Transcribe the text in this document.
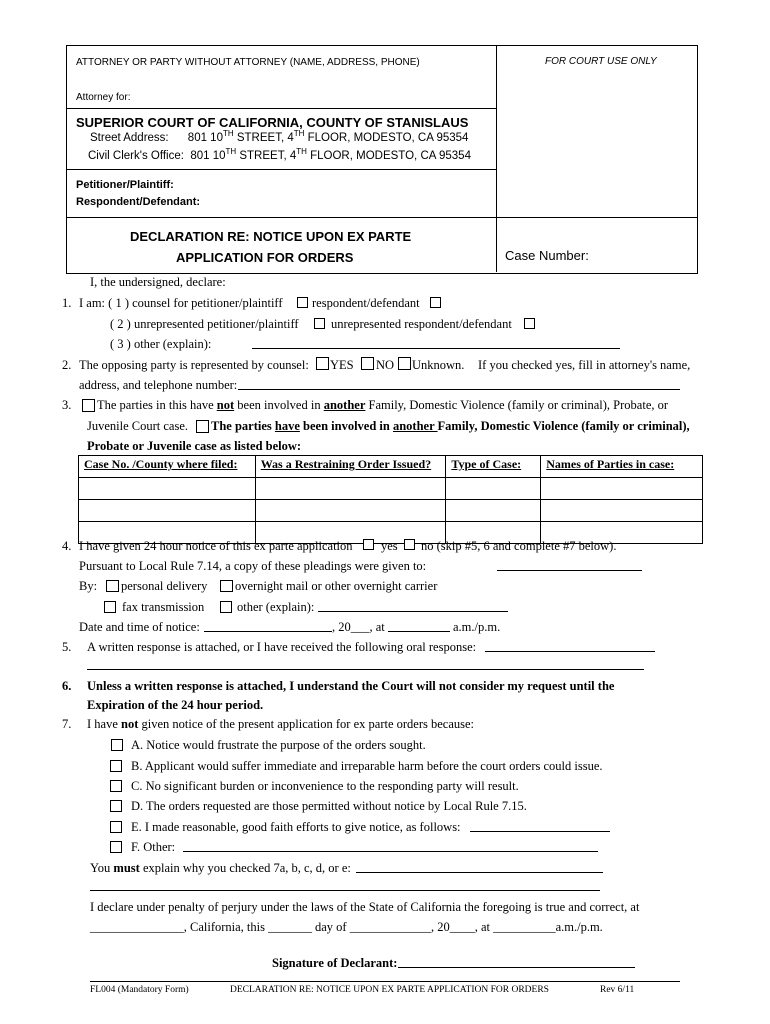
ATTORNEY OR PARTY WITHOUT ATTORNEY (NAME, ADDRESS, PHONE)	FOR COURT USE ONLY
Attorney for:
SUPERIOR COURT OF CALIFORNIA, COUNTY OF STANISLAUS
Street Address: 801 10TH STREET, 4TH FLOOR, MODESTO, CA 95354
Civil Clerk's Office: 801 10TH STREET, 4TH FLOOR, MODESTO, CA 95354
Petitioner/Plaintiff:
Respondent/Defendant:
DECLARATION RE: NOTICE UPON EX PARTE
APPLICATION FOR ORDERS	Case Number:
I, the undersigned, declare:
1. I am: ( 1 ) counsel for petitioner/plaintiff respondent/defendant
( 2 ) unrepresented petitioner/plaintiff	unrepresented respondent/defendant
( 3 ) other (explain):
2. The opposing party is represented by counsel: YES NO Unknown. If you checked yes, fill in attorney's name,
address, and telephone number:
3. The parties in this have not been involved in another Family, Domestic Violence (family or criminal), Probate, or
Juvenile Court case. The parties have been involved in another Family, Domestic Violence (family or criminal),
Probate or Juvenile case as listed below:
Case No. /County where filed:	Was a Restraining Order Issued?	Type of Case:	Names of Parties in case:

4. I have given 24 hour notice of this ex parte application yes no (skip #5, 6 and complete #7 below).
Pursuant to Local Rule 7.14, a copy of these pleadings were given to:
By: personal delivery overnight mail or other overnight carrier
fax transmission	other (explain):
Date and time of notice:	, 20___, at	a.m./p.m.
5. A written response is attached, or I have received the following oral response:
6. Unless a written response is attached, I understand the Court will not consider my request until the
Expiration of the 24 hour period.
7. I have not given notice of the present application for ex parte orders because:
A. Notice would frustrate the purpose of the orders sought.
B. Applicant would suffer immediate and irreparable harm before the court orders could issue.
C. No significant burden or inconvenience to the responding party will result.
D. The orders requested are those permitted without notice by Local Rule 7.15.
E. I made reasonable, good faith efforts to give notice, as follows:
F. Other:
You must explain why you checked 7a, b, c, d, or e:
I declare under penalty of perjury under the laws of the State of California the foregoing is true and correct, at
_______________, California, this _______ day of _____________, 20____, at __________a.m./p.m.
Signature of Declarant:
FL004 (Mandatory Form)	DECLARATION RE: NOTICE UPON EX PARTE APPLICATION FOR ORDERS	Rev 6/11
